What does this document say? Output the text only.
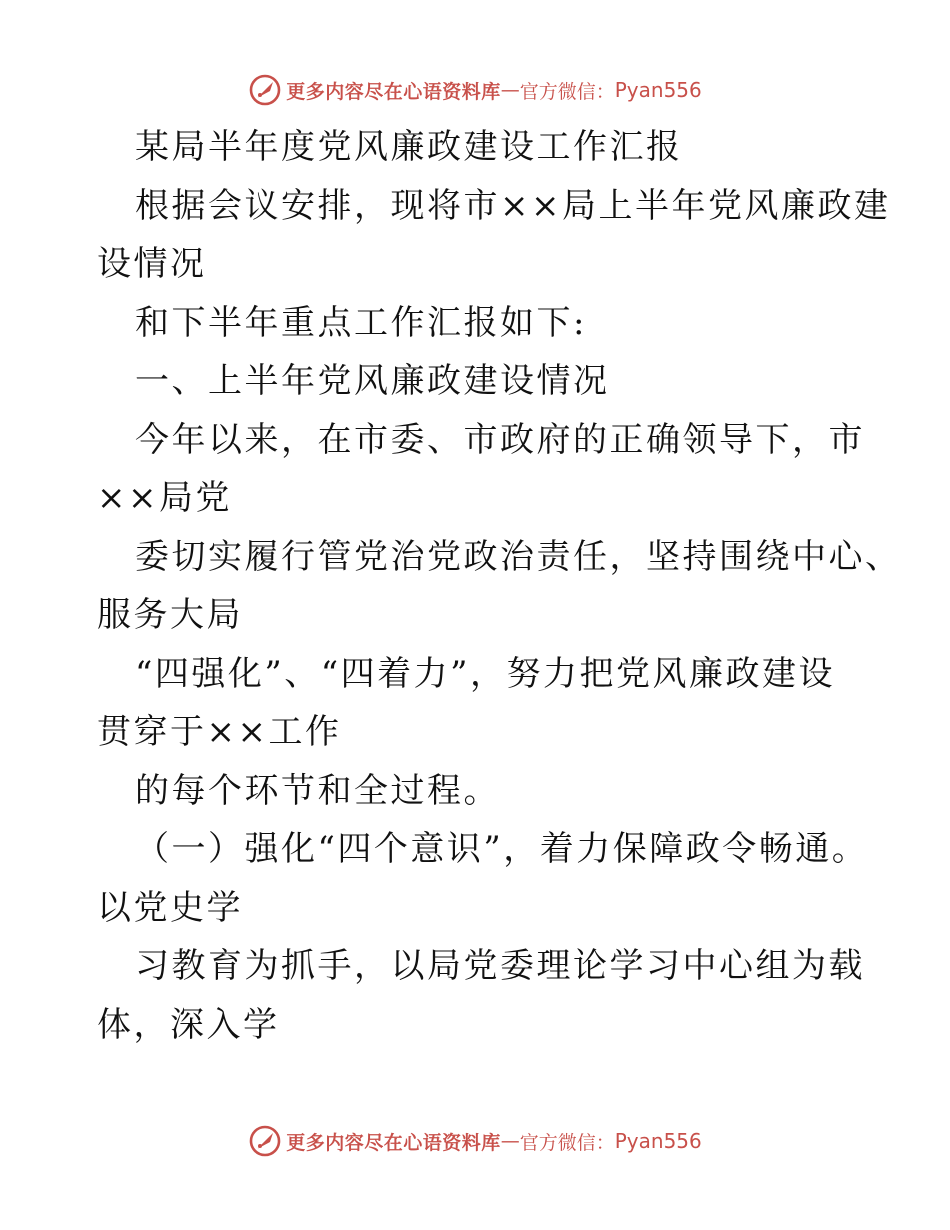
更多内容尽在心语资料库 — 官方微信： Pyan556
某局半年度党风廉政建设工作汇报
根据会议安排，现将市××局上半年党风廉政建
设情况
和下半年重点工作汇报如下:
一、上半年党风廉政建设情况
今年以来，在市委、市政府的正确领导下，市
××局党
委切实履行管党治党政治责任，坚持围绕中心、
服务大局
“四强化”、“四着力”，努力把党风廉政建设
贯穿于××工作
的每个环节和全过程。
（一）强化“四个意识”，着力保障政令畅通。
以党史学
习教育为抓手，以局党委理论学习中心组为载
体，深入学
更多内容尽在心语资料库 — 官方微信： Pyan556
